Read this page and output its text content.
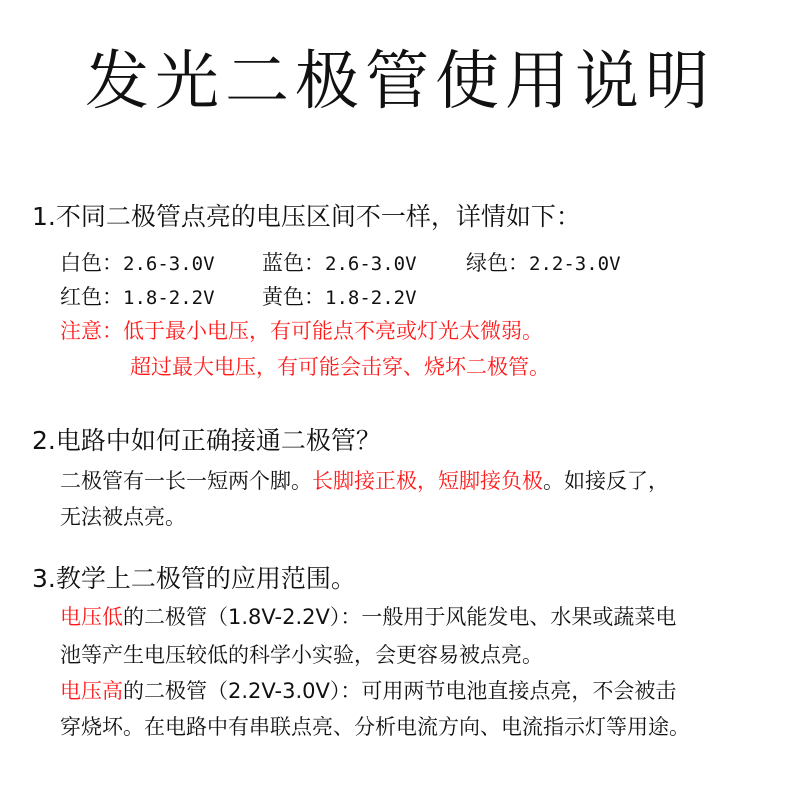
发光二极管使用说明
1.不同二极管点亮的电压区间不一样，详情如下：
白色：2.6-3.0V 蓝色：2.6-3.0V 绿色：2.2-3.0V
红色：1.8-2.2V 黄色：1.8-2.2V
注意：低于最小电压，有可能点不亮或灯光太微弱。
超过最大电压，有可能会击穿、烧坏二极管。
2.电路中如何正确接通二极管？
二极管有一长一短两个脚。长脚接正极，短脚接负极。如接反了，
无法被点亮。
3.教学上二极管的应用范围。
电压低的二极管（1.8V-2.2V）：一般用于风能发电、水果或蔬菜电
池等产生电压较低的科学小实验，会更容易被点亮。
电压高的二极管（2.2V-3.0V）：可用两节电池直接点亮，不会被击
穿烧坏。在电路中有串联点亮、分析电流方向、电流指示灯等用途。
